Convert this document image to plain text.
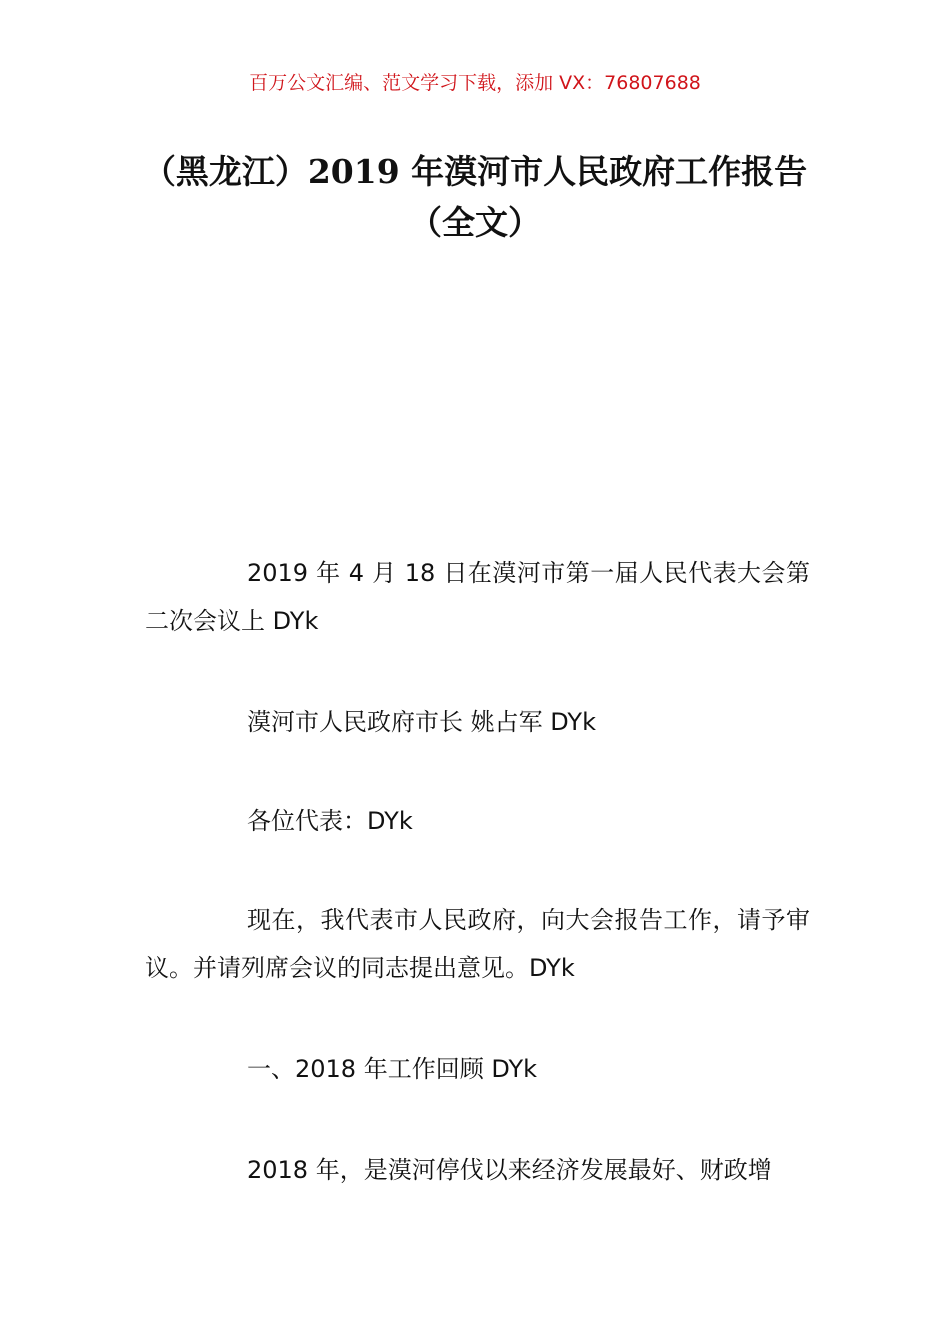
百万公文汇编、范文学习下载，添加 VX：76807688
（黑龙江）2019 年漠河市人民政府工作报告（全文）

2019 年 4 月 18 日在漠河市第一届人民代表大会第二次会议上 DYk

漠河市人民政府市长 姚占军 DYk

各位代表：DYk

现在，我代表市人民政府，向大会报告工作，请予审议。并请列席会议的同志提出意见。DYk

一、2018 年工作回顾 DYk

2018 年，是漠河停伐以来经济发展最好、财政增
